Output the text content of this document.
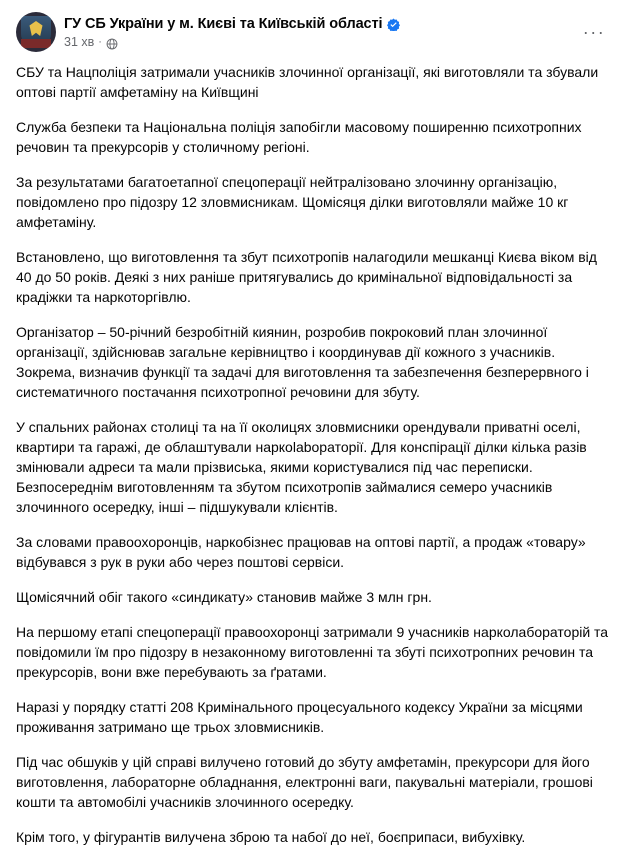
ГУ СБ України у м. Києві та Київській області
31 хв ·	···

СБУ та Нацполіція затримали учасників злочинної організації, які виготовляли та збували оптові партії амфетаміну на Київщині

Служба безпеки та Національна поліція запобігли масовому поширенню психотропних речовин та прекурсорів у столичному регіоні.

За результатами багатоетапної спецоперації нейтралізовано злочинну організацію, повідомлено про підозру 12 зловмисникам. Щомісяця ділки виготовляли майже 10 кг амфетаміну.

Встановлено, що виготовлення та збут психотропів налагодили мешканці Києва віком від 40 до 50 років. Деякі з них раніше притягувались до кримінальної відповідальності за крадіжки та наркоторгівлю.

Організатор – 50-річний безробітній киянин, розробив покроковий план злочинної організації, здійснював загальне керівництво і координував дії кожного з учасників. Зокрема, визначив функції та задачі для виготовлення та забезпечення безперервного і систематичного постачання психотропної речовини для збуту.

У спальних районах столиці та на її околицях зловмисники орендували приватні оселі, квартири та гаражі, де облаштували наркоlabораторії. Для конспірації ділки кілька разів змінювали адреси та мали прізвиська, якими користувалися під час переписки. Безпосереднім виготовленням та збутом психотропів займалися семеро учасників злочинного осередку, інші – підшукували клієнтів.

За словами правоохоронців, наркобізнес працював на оптові партії, а продаж «товару» відбувався з рук в руки або через поштові сервіси.

Щомісячний обіг такого «синдикату» становив майже 3 млн грн.

На першому етапі спецоперації правоохоронці затримали 9 учасників нарколабораторій та повідомили їм про підозру в незаконному виготовленні та збуті психотропних речовин та прекурсорів, вони вже перебувають за ґратами.

Наразі у порядку статті 208 Кримінального процесуального кодексу України за місцями проживання затримано ще трьох зловмисників.

Під час обшуків у цій справі вилучено готовий до збуту амфетамін, прекурсори для його виготовлення, лабораторне обладнання, електронні ваги, пакувальні матеріали, грошові кошти та автомобілі учасників злочинного осередку.

Крім того, у фігурантів вилучена зброю та набої до неї, боєприпаси, вибухівку.
